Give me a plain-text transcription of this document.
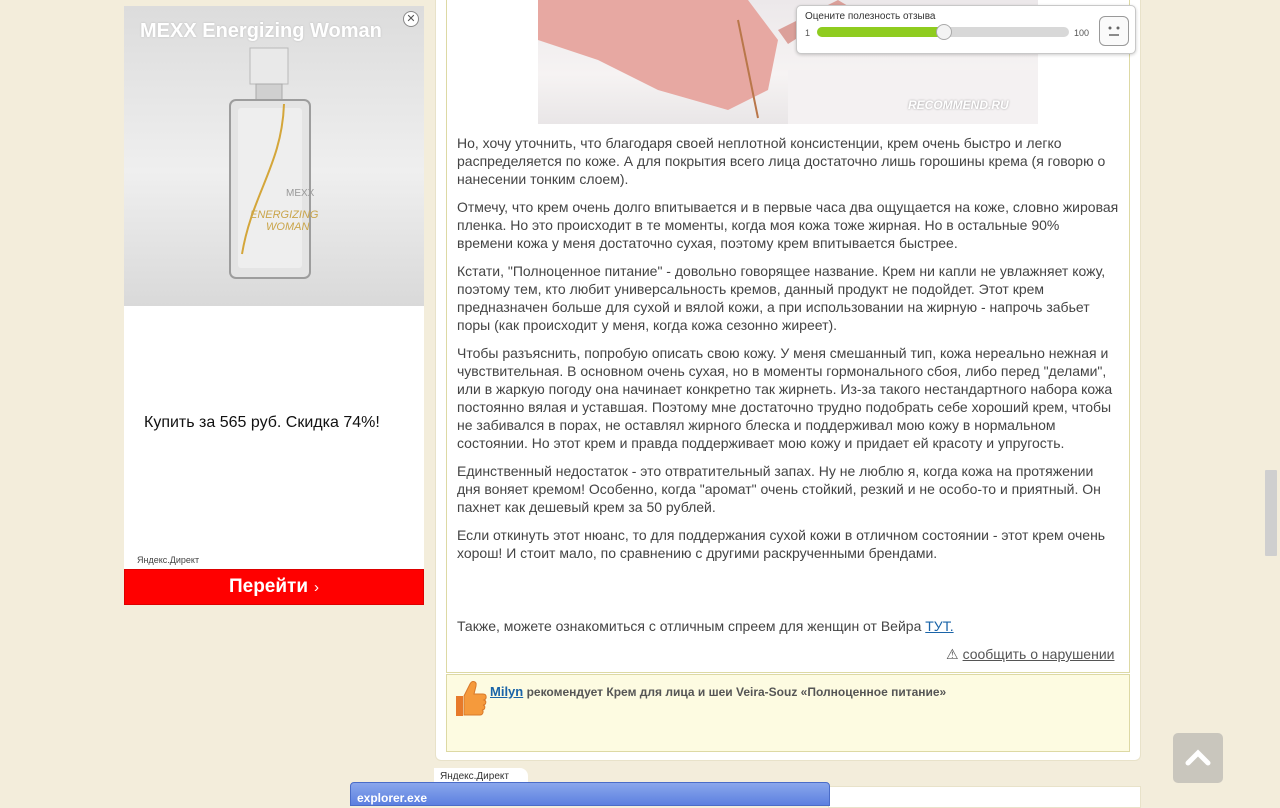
MEXX Energizing Woman
✕
MEXX
ENERGIZING
WOMAN
Купить за 565 руб. Скидка 74%!
Яндекс.Директ
Перейти ›
RECOMMEND.RU
Оцените полезность отзыва
1	100

Но, хочу уточнить, что благодаря своей неплотной консистенции, крем очень быстро и легко распределяется по коже. А для покрытия всего лица достаточно лишь горошины крема (я говорю о нанесении тонким слоем).

Отмечу, что крем очень долго впитывается и в первые часа два ощущается на коже, словно жировая пленка. Но это происходит в те моменты, когда моя кожа тоже жирная. Но в остальные 90% времени кожа у меня достаточно сухая, поэтому крем впитывается быстрее.

Кстати, "Полноценное питание" - довольно говорящее название. Крем ни капли не увлажняет кожу, поэтому тем, кто любит универсальность кремов, данный продукт не подойдет. Этот крем предназначен больше для сухой и вялой кожи, а при использовании на жирную - напрочь забьет поры (как происходит у меня, когда кожа сезонно жиреет).

Чтобы разъяснить, попробую описать свою кожу. У меня смешанный тип, кожа нереально нежная и чувствительная. В основном очень сухая, но в моменты гормонального сбоя, либо перед "делами", или в жаркую погоду она начинает конкретно так жирнеть. Из-за такого нестандартного набора кожа постоянно вялая и уставшая. Поэтому мне достаточно трудно подобрать себе хороший крем, чтобы не забивался в порах, не оставлял жирного блеска и поддерживал мою кожу в нормальном состоянии. Но этот крем и правда поддерживает мою кожу и придает ей красоту и упругость.

Единственный недостаток - это отвратительный запах. Ну не люблю я, когда кожа на протяжении дня воняет кремом! Особенно, когда "аромат" очень стойкий, резкий и не особо-то и приятный. Он пахнет как дешевый крем за 50 рублей.

Если откинуть этот нюанс, то для поддержания сухой кожи в отличном состоянии - этот крем очень хорош! И стоит мало, по сравнению с другими раскрученными брендами.

Также, можете ознакомиться с отличным спреем для женщин от Вейра ТУТ.
⚠ сообщить о нарушении
Milyn рекомендует Крем для лица и шеи Veira-Souz «Полноценное питание»
Яндекс.Директ
explorer.exe
